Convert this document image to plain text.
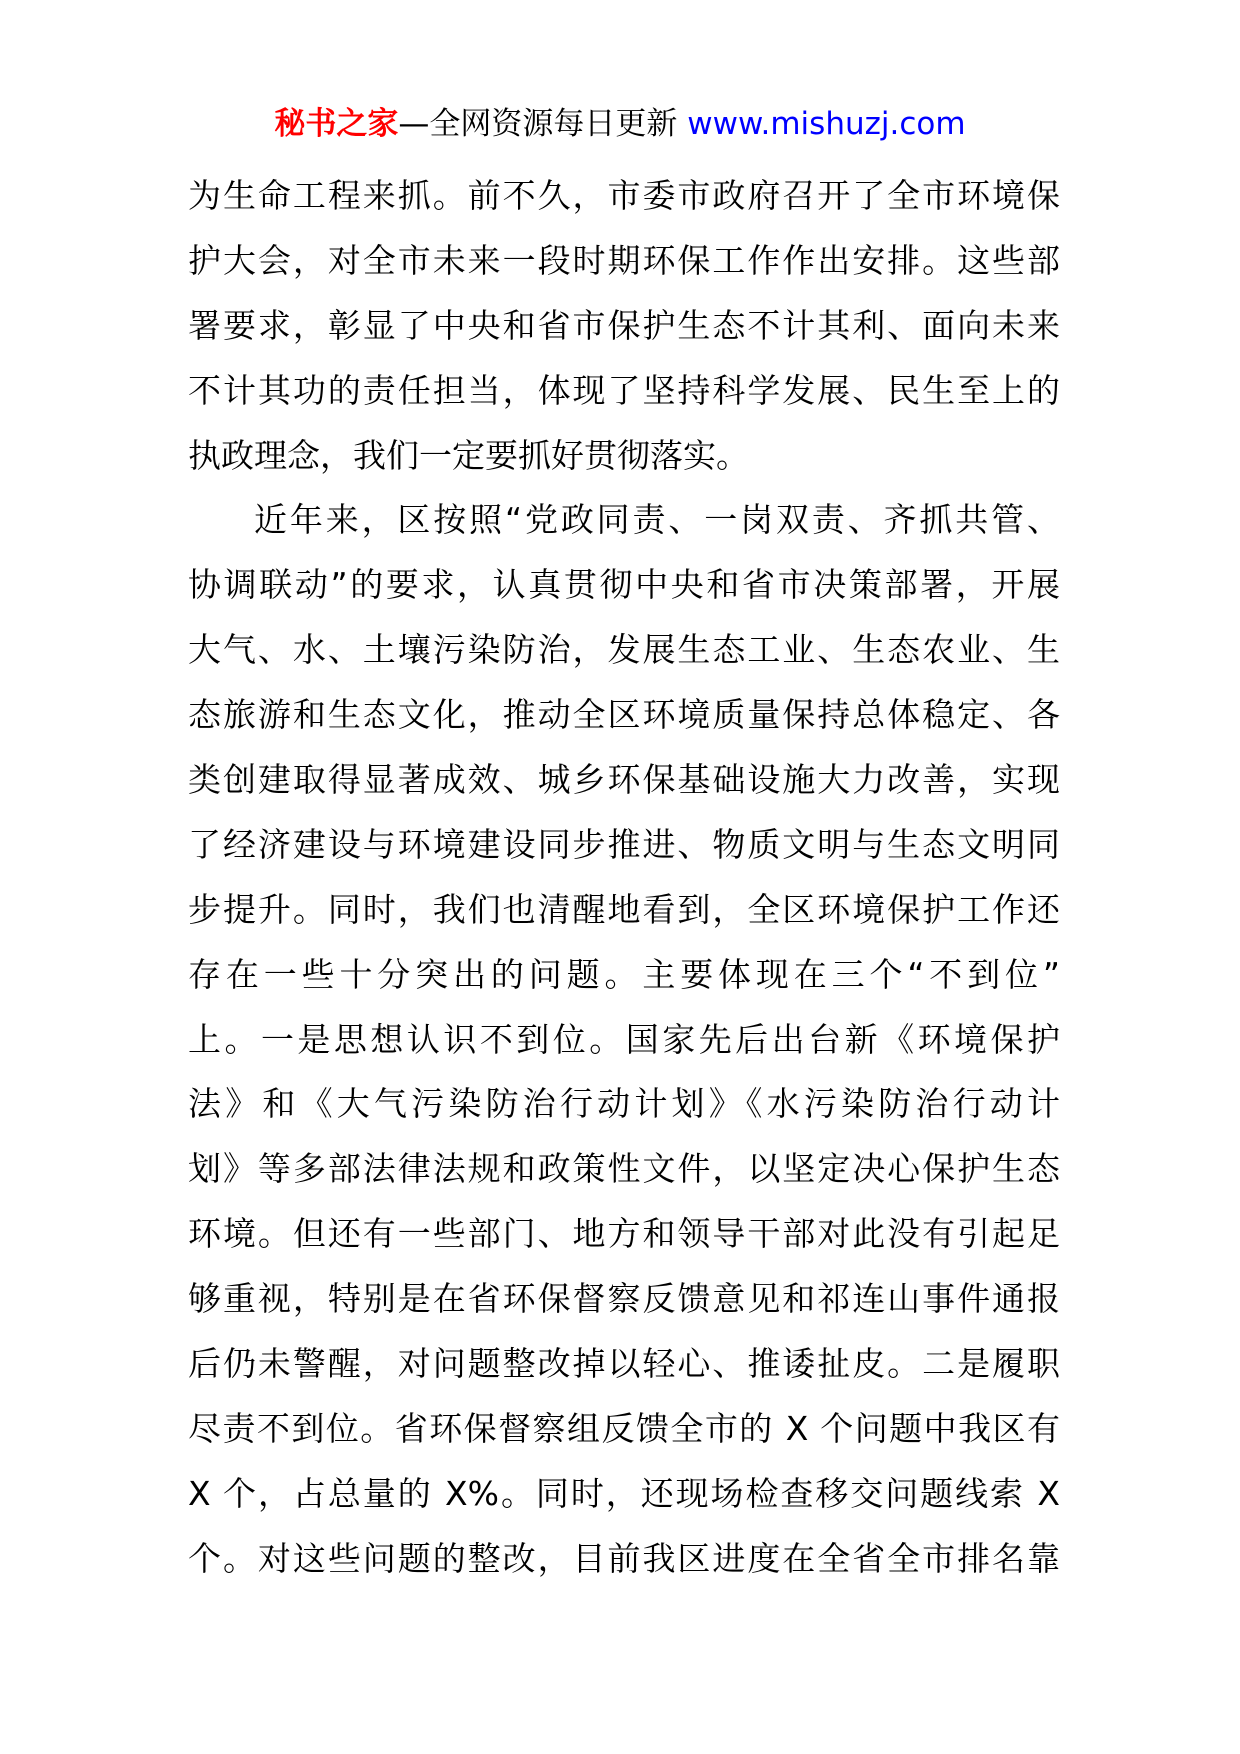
秘书之家—全网资源每日更新 www.mishuzj.com
为生命工程来抓。前不久，市委市政府召开了全市环境保
护大会，对全市未来一段时期环保工作作出安排。这些部
署要求，彰显了中央和省市保护生态不计其利、面向未来
不计其功的责任担当，体现了坚持科学发展、民生至上的
执政理念，我们一定要抓好贯彻落实。
近年来，区按照“党政同责、一岗双责、齐抓共管、
协调联动”的要求，认真贯彻中央和省市决策部署，开展
大气、水、土壤污染防治，发展生态工业、生态农业、生
态旅游和生态文化，推动全区环境质量保持总体稳定、各
类创建取得显著成效、城乡环保基础设施大力改善，实现
了经济建设与环境建设同步推进、物质文明与生态文明同
步提升。同时，我们也清醒地看到，全区环境保护工作还
存在一些十分突出的问题。主要体现在三个“不到位”
上。一是思想认识不到位。国家先后出台新《环境保护
法》和《大气污染防治行动计划》《水污染防治行动计
划》等多部法律法规和政策性文件，以坚定决心保护生态
环境。但还有一些部门、地方和领导干部对此没有引起足
够重视，特别是在省环保督察反馈意见和祁连山事件通报
后仍未警醒，对问题整改掉以轻心、推诿扯皮。二是履职
尽责不到位。省环保督察组反馈全市的 X 个问题中我区有
X 个，占总量的 X%。同时，还现场检查移交问题线索 X
个。对这些问题的整改，目前我区进度在全省全市排名靠
